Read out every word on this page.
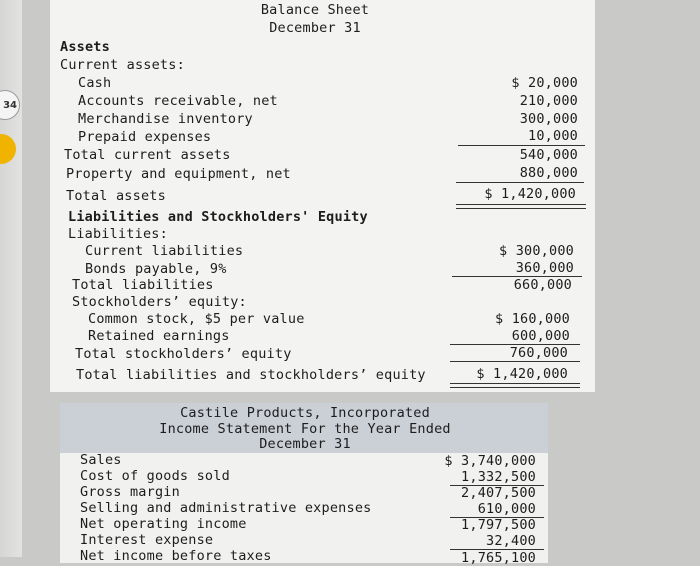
34
Balance Sheet
December 31
Assets
Current assets:
Cash	$ 20,000
Accounts receivable, net	210,000
Merchandise inventory	300,000
Prepaid expenses	10,000
Total current assets	540,000
Property and equipment, net	880,000
Total assets	$ 1,420,000
Liabilities and Stockholders' Equity
Liabilities:
Current liabilities	$ 300,000
Bonds payable, 9%	360,000
Total liabilities	660,000
Stockholders’ equity:
Common stock, $5 per value	$ 160,000
Retained earnings	600,000
Total stockholders’ equity	760,000
Total liabilities and stockholders’ equity	$ 1,420,000
Castile Products, Incorporated
Income Statement For the Year Ended
December 31
Sales	$ 3,740,000
Cost of goods sold	1,332,500
Gross margin	2,407,500
Selling and administrative expenses	610,000
Net operating income	1,797,500
Interest expense	32,400
Net income before taxes	1,765,100
